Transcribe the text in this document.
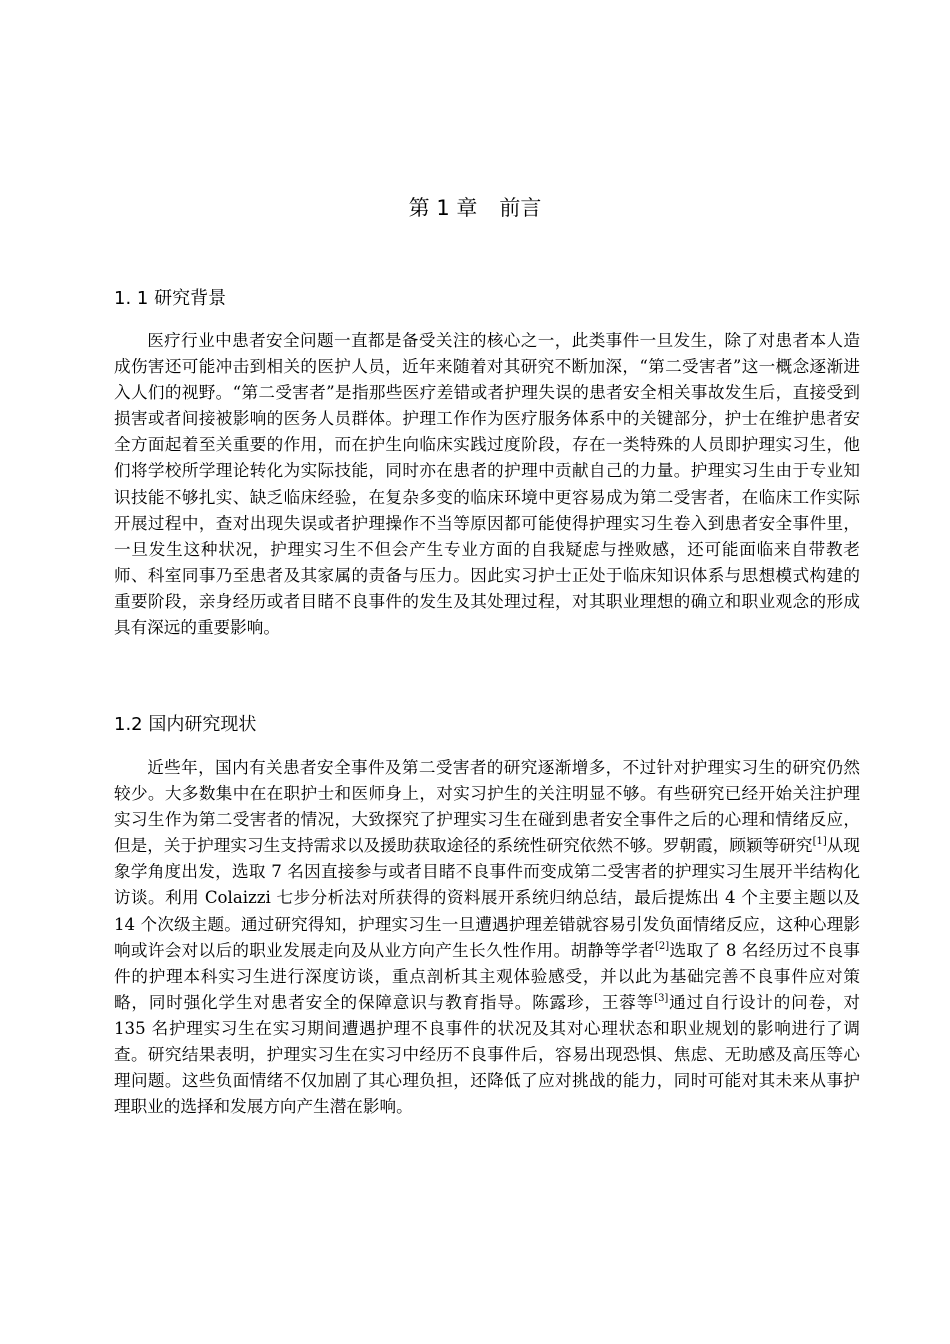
第 1 章 前言
1. 1 研究背景

医疗行业中患者安全问题一直都是备受关注的核心之一，此类事件一旦发生，除了对患者本人造成伤害还可能冲击到相关的医护人员，近年来随着对其研究不断加深，“第二受害者”这一概念逐渐进入人们的视野。“第二受害者”是指那些医疗差错或者护理失误的患者安全相关事故发生后，直接受到损害或者间接被影响的医务人员群体。护理工作作为医疗服务体系中的关键部分，护士在维护患者安全方面起着至关重要的作用，而在护生向临床实践过度阶段，存在一类特殊的人员即护理实习生，他们将学校所学理论转化为实际技能，同时亦在患者的护理中贡献自己的力量。护理实习生由于专业知识技能不够扎实、缺乏临床经验，在复杂多变的临床环境中更容易成为第二受害者，在临床工作实际开展过程中，查对出现失误或者护理操作不当等原因都可能使得护理实习生卷入到患者安全事件里，一旦发生这种状况，护理实习生不但会产生专业方面的自我疑虑与挫败感，还可能面临来自带教老师、科室同事乃至患者及其家属的责备与压力。因此实习护士正处于临床知识体系与思想模式构建的重要阶段，亲身经历或者目睹不良事件的发生及其处理过程，对其职业理想的确立和职业观念的形成具有深远的重要影响。

1.2 国内研究现状

近些年，国内有关患者安全事件及第二受害者的研究逐渐增多，不过针对护理实习生的研究仍然较少。大多数集中在在职护士和医师身上，对实习护生的关注明显不够。有些研究已经开始关注护理实习生作为第二受害者的情况，大致探究了护理实习生在碰到患者安全事件之后的心理和情绪反应，但是，关于护理实习生支持需求以及援助获取途径的系统性研究依然不够。罗朝霞，顾颖等研究[1]从现象学角度出发，选取 7 名因直接参与或者目睹不良事件而变成第二受害者的护理实习生展开半结构化访谈。利用 Colaizzi 七步分析法对所获得的资料展开系统归纳总结，最后提炼出 4 个主要主题以及 14 个次级主题。通过研究得知，护理实习生一旦遭遇护理差错就容易引发负面情绪反应，这种心理影响或许会对以后的职业发展走向及从业方向产生长久性作用。胡静等学者[2]选取了 8 名经历过不良事件的护理本科实习生进行深度访谈，重点剖析其主观体验感受，并以此为基础完善不良事件应对策略，同时强化学生对患者安全的保障意识与教育指导。陈露珍，王蓉等[3]通过自行设计的问卷，对 135 名护理实习生在实习期间遭遇护理不良事件的状况及其对心理状态和职业规划的影响进行了调查。研究结果表明，护理实习生在实习中经历不良事件后，容易出现恐惧、焦虑、无助感及高压等心理问题。这些负面情绪不仅加剧了其心理负担，还降低了应对挑战的能力，同时可能对其未来从事护理职业的选择和发展方向产生潜在影响。
